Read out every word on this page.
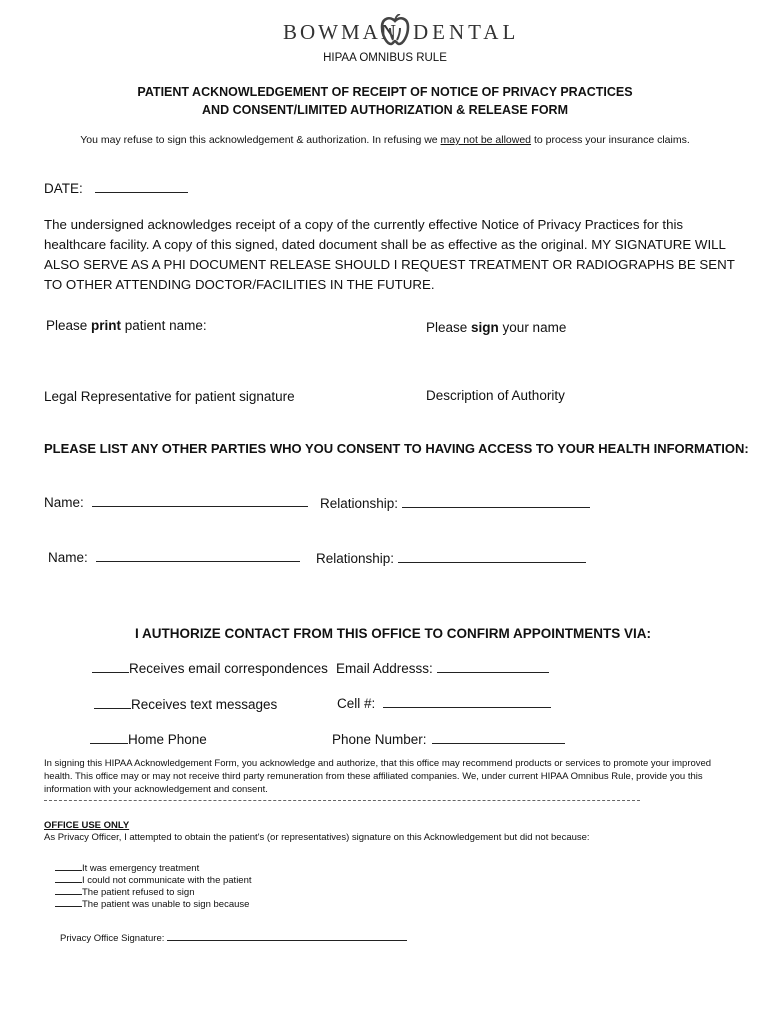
BOWMAN DENTAL
HIPAA OMNIBUS RULE
PATIENT ACKNOWLEDGEMENT OF RECEIPT OF NOTICE OF PRIVACY PRACTICES
AND CONSENT/LIMITED AUTHORIZATION & RELEASE FORM
You may refuse to sign this acknowledgement & authorization. In refusing we may not be allowed to process your insurance claims.
DATE:
The undersigned acknowledges receipt of a copy of the currently effective Notice of Privacy Practices for this healthcare facility. A copy of this signed, dated document shall be as effective as the original. MY SIGNATURE WILL ALSO SERVE AS A PHI DOCUMENT RELEASE SHOULD I REQUEST TREATMENT OR RADIOGRAPHS BE SENT TO OTHER ATTENDING DOCTOR/FACILITIES IN THE FUTURE.
Please print patient name:	Please sign your name
Legal Representative for patient signature	Description of Authority
PLEASE LIST ANY OTHER PARTIES WHO YOU CONSENT TO HAVING ACCESS TO YOUR HEALTH INFORMATION:
Name:	Relationship:
Name:	Relationship:
I AUTHORIZE CONTACT FROM THIS OFFICE TO CONFIRM APPOINTMENTS VIA:
Receives email correspondences Email Addresss:
Receives text messages	Cell #:
Home Phone	Phone Number:
In signing this HIPAA Acknowledgement Form, you acknowledge and authorize, that this office may recommend products or services to promote your improved health. This office may or may not receive third party remuneration from these affiliated companies. We, under current HIPAA Omnibus Rule, provide you this information with your acknowledgement and consent.
OFFICE USE ONLY
As Privacy Officer, I attempted to obtain the patient's (or representatives) signature on this Acknowledgement but did not because:
It was emergency treatment
I could not communicate with the patient
The patient refused to sign
The patient was unable to sign because
Privacy Office Signature:
